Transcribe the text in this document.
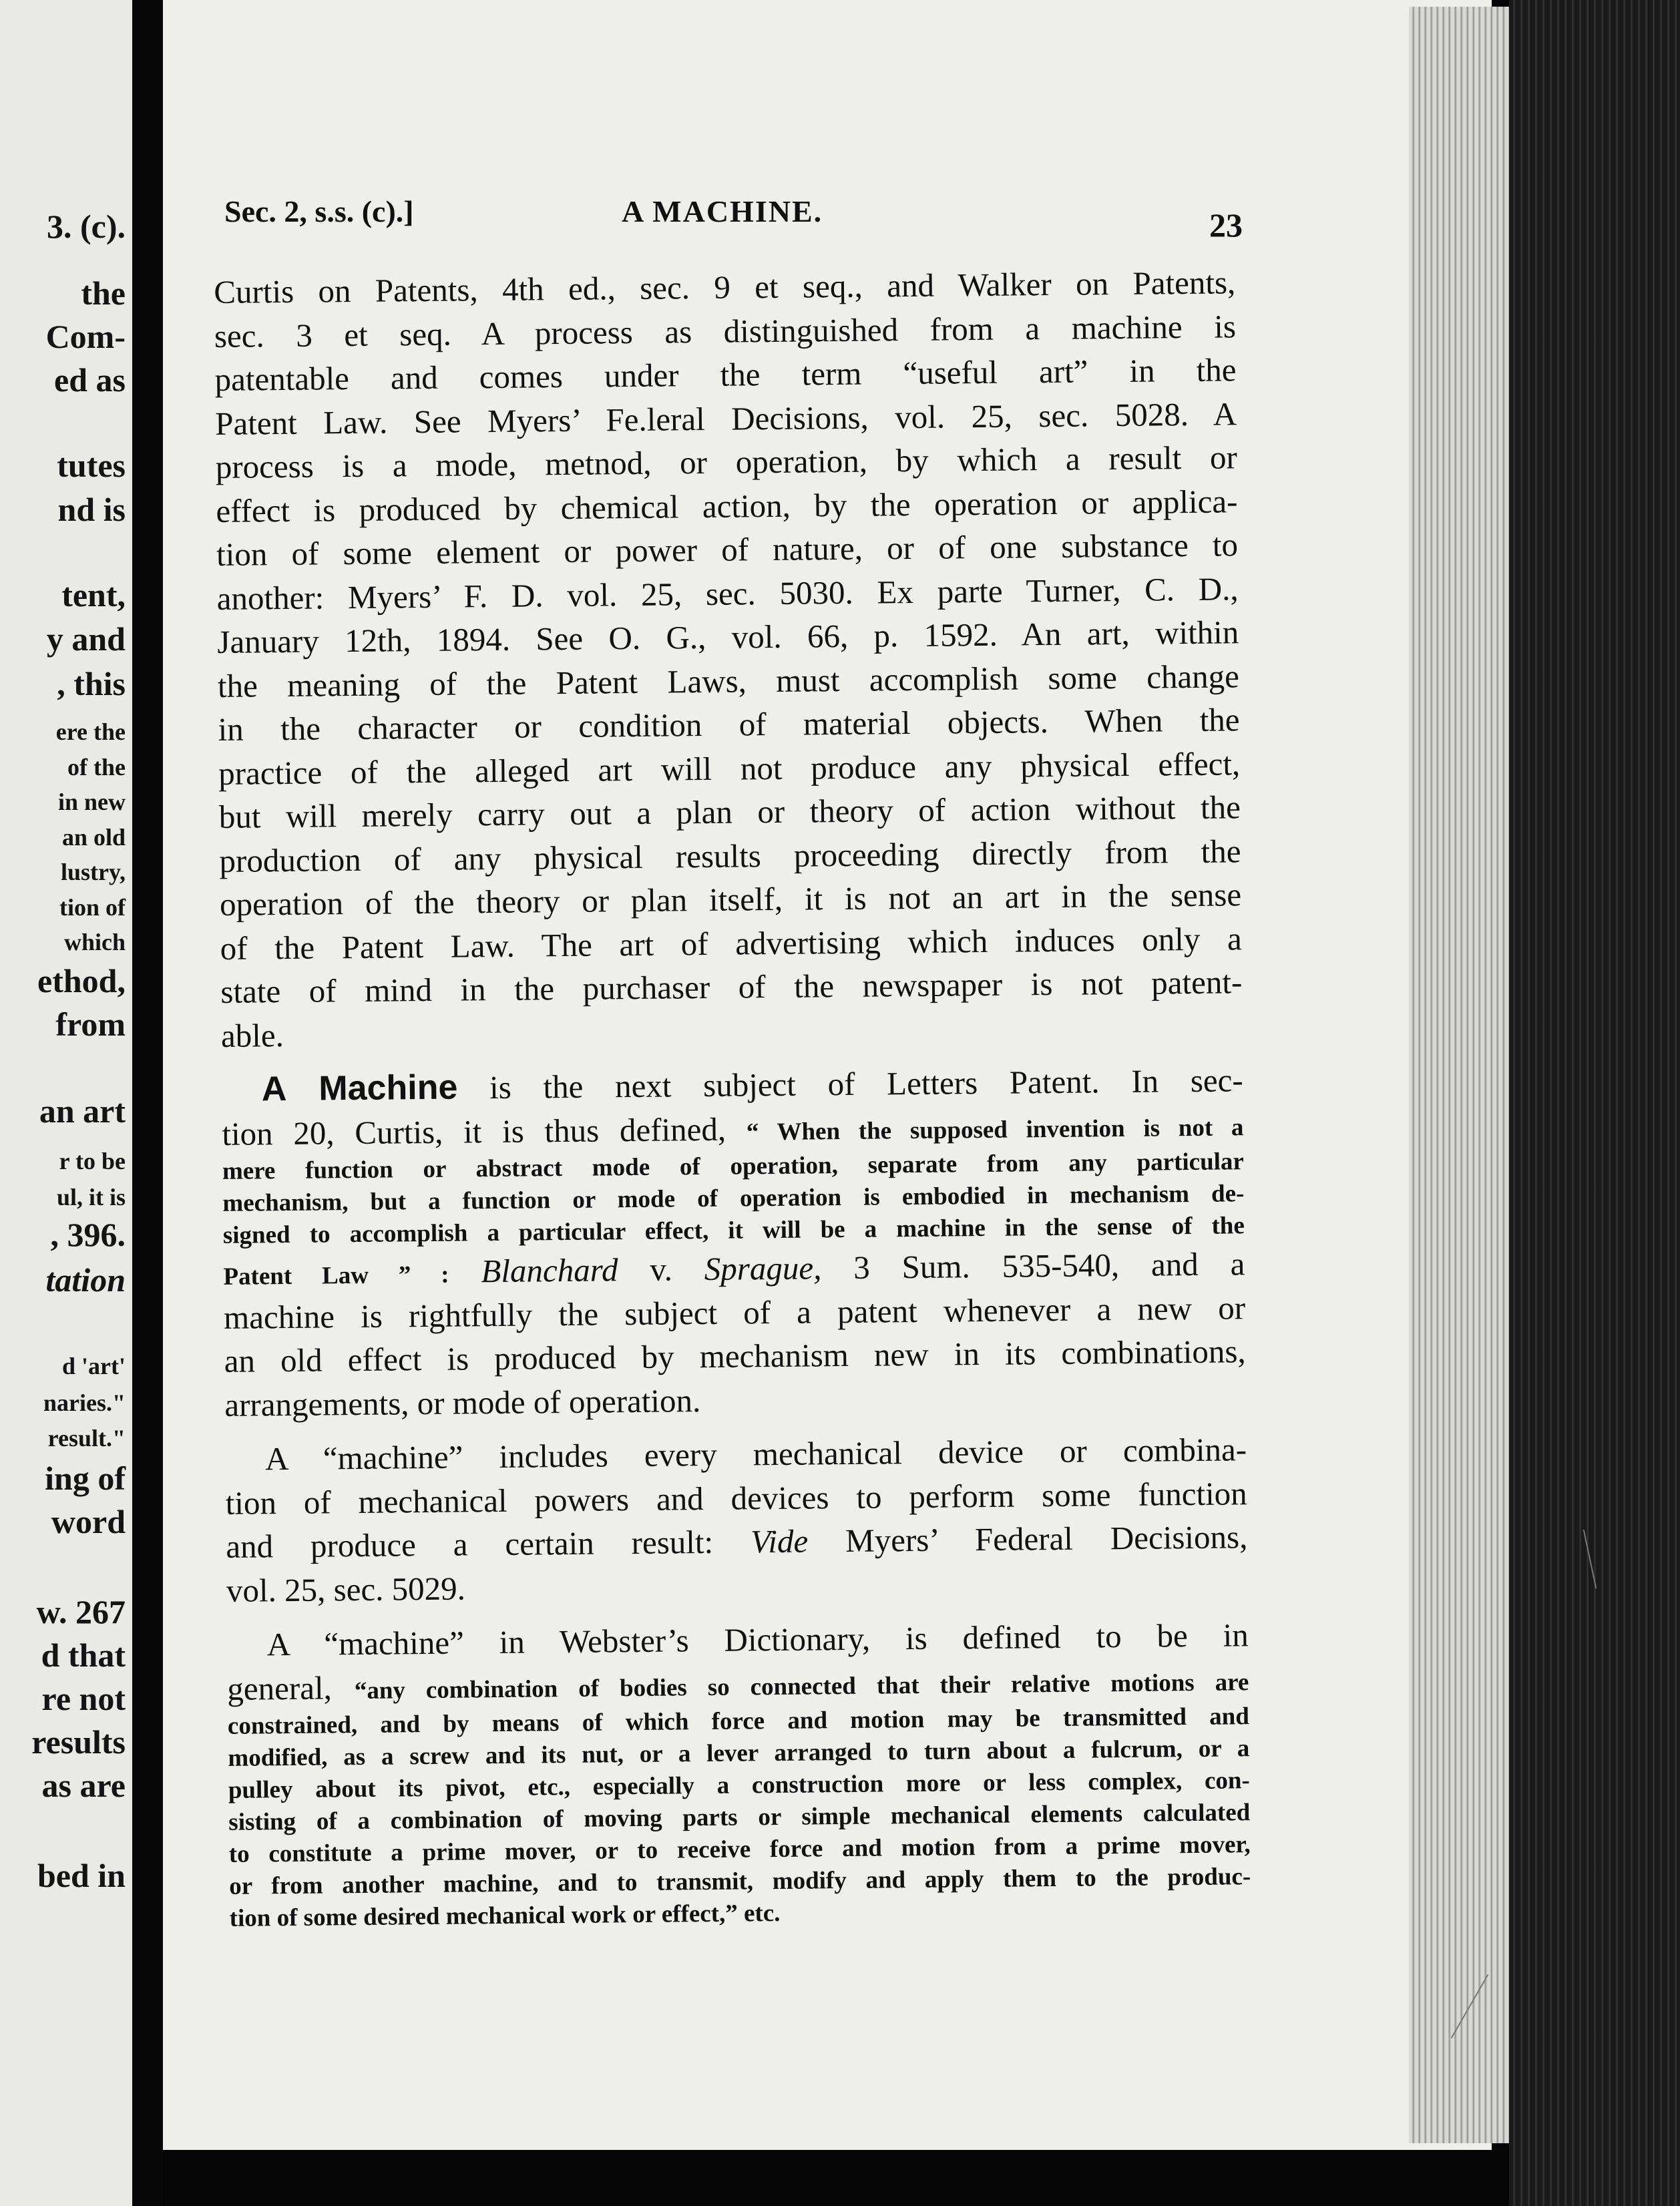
3. (c).
the
Com-
ed as
tutes
nd is
tent,
y and
, this
ere the
of the
in new
an old
lustry,
tion of
which
ethod,
from
an art
r to be
ul, it is
, 396.
tation
d 'art'
naries."
result."
ing of
word
w. 267
d that
re not
results
as are
bed in
Sec. 2, s.s. (c).]	A MACHINE.	23
Curtis on Patents, 4th ed., sec. 9 et seq., and Walker on Patents,
sec. 3 et seq. A process as distinguished from a machine is
patentable and comes under the term “useful art” in the
Patent Law. See Myers’ Fe.leral Decisions, vol. 25, sec. 5028. A
process is a mode, metnod, or operation, by which a result or
effect is produced by chemical action, by the operation or applica-
tion of some element or power of nature, or of one substance to
another: Myers’ F. D. vol. 25, sec. 5030. Ex parte Turner, C. D.,
January 12th, 1894. See O. G., vol. 66, p. 1592. An art, within
the meaning of the Patent Laws, must accomplish some change
in the character or condition of material objects. When the
practice of the alleged art will not produce any physical effect,
but will merely carry out a plan or theory of action without the
production of any physical results proceeding directly from the
operation of the theory or plan itself, it is not an art in the sense
of the Patent Law. The art of advertising which induces only a
state of mind in the purchaser of the newspaper is not patent-
able.
A Machine is the next subject of Letters Patent. In sec-
tion 20, Curtis, it is thus defined, “ When the supposed invention is not a
mere function or abstract mode of operation, separate from any particular
mechanism, but a function or mode of operation is embodied in mechanism de-
signed to accomplish a particular effect, it will be a machine in the sense of the
Patent Law ” : Blanchard v. Sprague, 3 Sum. 535-540, and a
machine is rightfully the subject of a patent whenever a new or
an old effect is produced by mechanism new in its combinations,
arrangements, or mode of operation.
A “machine” includes every mechanical device or combina-
tion of mechanical powers and devices to perform some function
and produce a certain result: Vide Myers’ Federal Decisions,
vol. 25, sec. 5029.
A “machine” in Webster’s Dictionary, is defined to be in
general, “any combination of bodies so connected that their relative motions are
constrained, and by means of which force and motion may be transmitted and
modified, as a screw and its nut, or a lever arranged to turn about a fulcrum, or a
pulley about its pivot, etc., especially a construction more or less complex, con-
sisting of a combination of moving parts or simple mechanical elements calculated
to constitute a prime mover, or to receive force and motion from a prime mover,
or from another machine, and to transmit, modify and apply them to the produc-
tion of some desired mechanical work or effect,” etc.
